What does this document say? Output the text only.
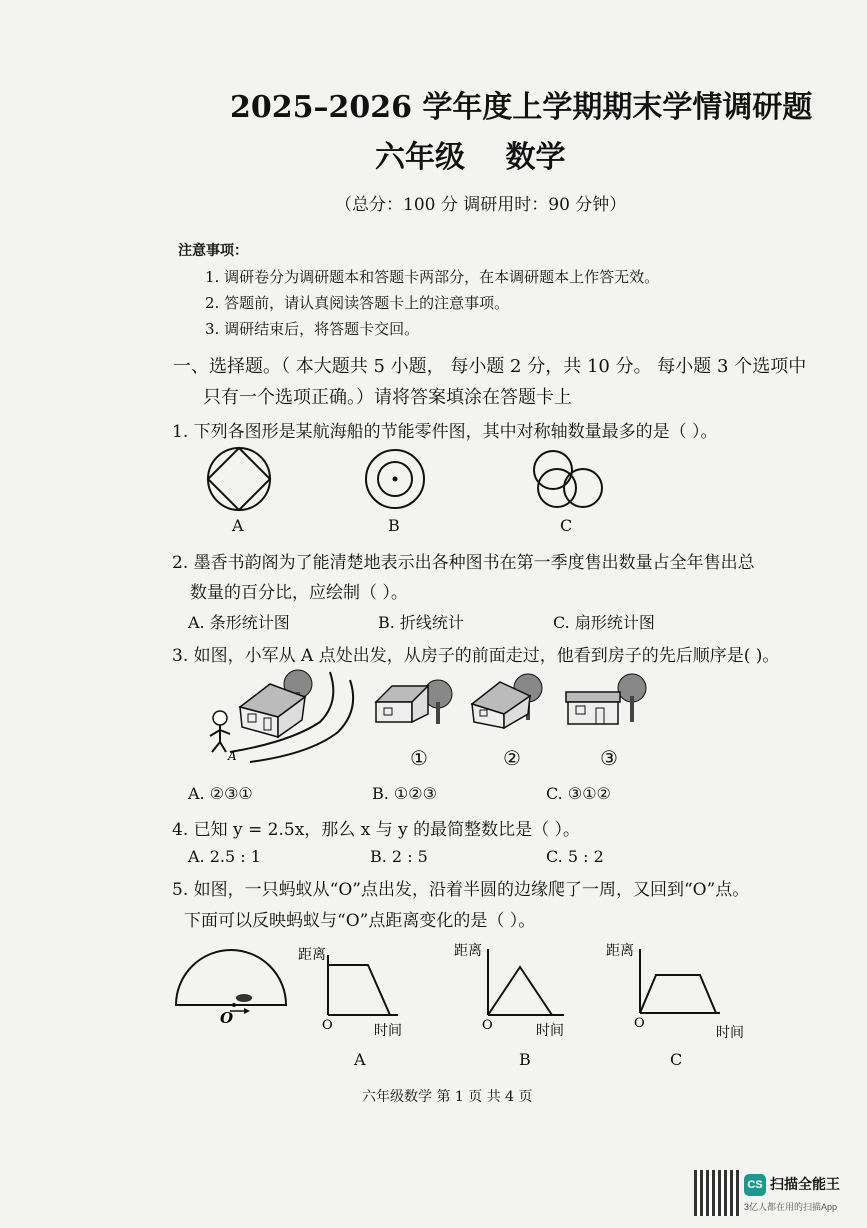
2025–2026 学年度上学期期末学情调研题
六年级 数学
（总分：100 分 调研用时：90 分钟）
注意事项：
1. 调研卷分为调研题本和答题卡两部分，在本调研题本上作答无效。
2. 答题前，请认真阅读答题卡上的注意事项。
3. 调研结束后，将答题卡交回。
一、选择题。（ 本大题共 5 小题， 每小题 2 分，共 10 分。 每小题 3 个选项中
只有一个选项正确。）请将答案填涂在答题卡上
1. 下列各图形是某航海船的节能零件图，其中对称轴数量最多的是（ ）。
A	B	C
2. 墨香书韵阁为了能清楚地表示出各种图书在第一季度售出数量占全年售出总
数量的百分比，应绘制（ ）。
A. 条形统计图	B. 折线统计	C. 扇形统计图
3. 如图，小军从 A 点处出发，从房子的前面走过，他看到房子的先后顺序是( )。
A	①	②	③
A. ②③①	B. ①②③	C. ③①②
4. 已知 y = 2.5x，那么 x 与 y 的最简整数比是（ ）。
A. 2.5 : 1	B. 2 : 5	C. 5 : 2
5. 如图，一只蚂蚁从“O”点出发，沿着半圆的边缘爬了一周，又回到“O”点。
下面可以反映蚂蚁与“O”点距离变化的是（ ）。
O
距离
O	时间
距离
O	时间
距离
O
时间
A	B	C
六年级数学 第 1 页 共 4 页
CS 扫描全能王
3亿人都在用的扫描App
